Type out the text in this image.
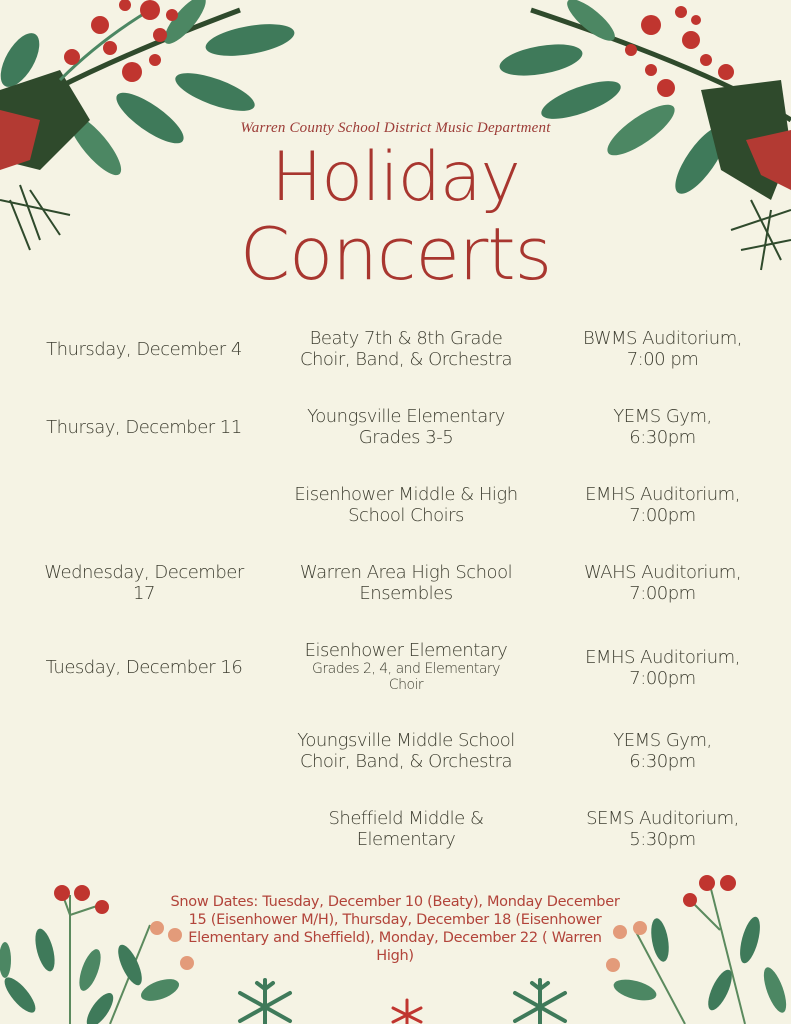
Warren County School District Music Department
Holiday
Concerts
Thursday, December 4
Beaty 7th & 8th Grade
Choir, Band, & Orchestra
BWMS Auditorium,
7:00 pm
Thursay, December 11
Youngsville Elementary
Grades 3-5
YEMS Gym,
6:30pm
Eisenhower Middle & High
School Choirs
EMHS Auditorium,
7:00pm
Wednesday, December
17
Warren Area High School
Ensembles
WAHS Auditorium,
7:00pm
Tuesday, December 16
Eisenhower Elementary
Grades 2, 4, and Elementary
Choir
EMHS Auditorium,
7:00pm
Youngsville Middle School
Choir, Band, & Orchestra
YEMS Gym,
6:30pm
Sheffield Middle &
Elementary
SEMS Auditorium,
5:30pm
Snow Dates: Tuesday, December 10 (Beaty), Monday December
15 (Eisenhower M/H), Thursday, December 18 (Eisenhower
Elementary and Sheffield), Monday, December 22 ( Warren
High)
